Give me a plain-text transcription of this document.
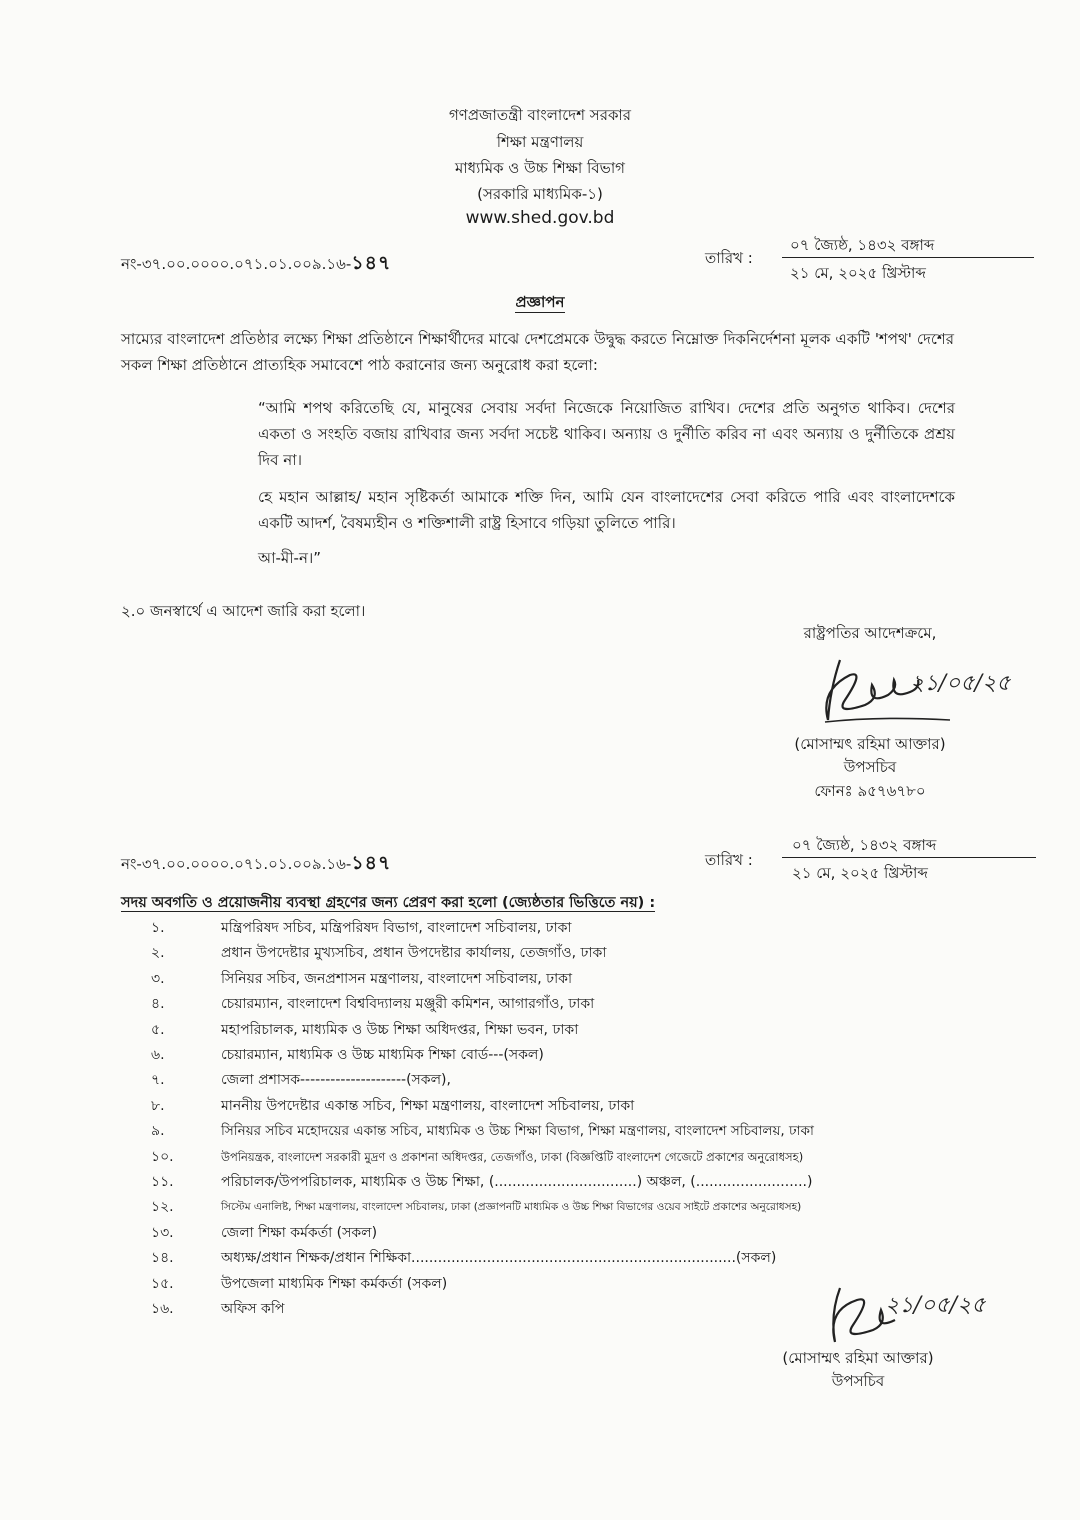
গণপ্রজাতন্ত্রী বাংলাদেশ সরকার
শিক্ষা মন্ত্রণালয়
মাধ্যমিক ও উচ্চ শিক্ষা বিভাগ
(সরকারি মাধ্যমিক-১)
www.shed.gov.bd
নং-৩৭.০০.০০০০.০৭১.০১.০০৯.১৬-১৪৭	তারিখ :
০৭ জ্যৈষ্ঠ, ১৪৩২ বঙ্গাব্দ
২১ মে, ২০২৫ খ্রিস্টাব্দ
প্রজ্ঞাপন
সাম্যের বাংলাদেশ প্রতিষ্ঠার লক্ষ্যে শিক্ষা প্রতিষ্ঠানে শিক্ষার্থীদের মাঝে দেশপ্রেমকে উদ্বুদ্ধ করতে নিম্নোক্ত দিকনির্দেশনা মূলক একটি 'শপথ' দেশের সকল শিক্ষা প্রতিষ্ঠানে প্রাত্যহিক সমাবেশে পাঠ করানোর জন্য অনুরোধ করা হলো:
“আমি শপথ করিতেছি যে, মানুষের সেবায় সর্বদা নিজেকে নিয়োজিত রাখিব। দেশের প্রতি অনুগত থাকিব। দেশের একতা ও সংহতি বজায় রাখিবার জন্য সর্বদা সচেষ্ট থাকিব। অন্যায় ও দুর্নীতি করিব না এবং অন্যায় ও দুর্নীতিকে প্রশ্রয় দিব না।
হে মহান আল্লাহ/ মহান সৃষ্টিকর্তা আমাকে শক্তি দিন, আমি যেন বাংলাদেশের সেবা করিতে পারি এবং বাংলাদেশকে একটি আদর্শ, বৈষম্যহীন ও শক্তিশালী রাষ্ট্র হিসাবে গড়িয়া তুলিতে পারি।
আ-মী-ন।”
২.০ জনস্বার্থে এ আদেশ জারি করা হলো।
রাষ্ট্রপতির আদেশক্রমে,
২১/০৫/২৫
(মোসাম্মৎ রহিমা আক্তার)
উপসচিব
ফোনঃ ৯৫৭৬৭৮০
নং-৩৭.০০.০০০০.০৭১.০১.০০৯.১৬-১৪৭	তারিখ :
০৭ জ্যৈষ্ঠ, ১৪৩২ বঙ্গাব্দ
২১ মে, ২০২৫ খ্রিস্টাব্দ
সদয় অবগতি ও প্রয়োজনীয় ব্যবস্থা গ্রহণের জন্য প্রেরণ করা হলো (জ্যেষ্ঠতার ভিত্তিতে নয়) :
১.	মন্ত্রিপরিষদ সচিব, মন্ত্রিপরিষদ বিভাগ, বাংলাদেশ সচিবালয়, ঢাকা
২.	প্রধান উপদেষ্টার মুখ্যসচিব, প্রধান উপদেষ্টার কার্যালয়, তেজগাঁও, ঢাকা
৩.	সিনিয়র সচিব, জনপ্রশাসন মন্ত্রণালয়, বাংলাদেশ সচিবালয়, ঢাকা
৪.	চেয়ারম্যান, বাংলাদেশ বিশ্ববিদ্যালয় মঞ্জুরী কমিশন, আগারগাঁও, ঢাকা
৫.	মহাপরিচালক, মাধ্যমিক ও উচ্চ শিক্ষা অধিদপ্তর, শিক্ষা ভবন, ঢাকা
৬.	চেয়ারম্যান, মাধ্যমিক ও উচ্চ মাধ্যমিক শিক্ষা বোর্ড---(সকল)
৭.	জেলা প্রশাসক---------------------(সকল),
৮.	মাননীয় উপদেষ্টার একান্ত সচিব, শিক্ষা মন্ত্রণালয়, বাংলাদেশ সচিবালয়, ঢাকা
৯.	সিনিয়র সচিব মহোদয়ের একান্ত সচিব, মাধ্যমিক ও উচ্চ শিক্ষা বিভাগ, শিক্ষা মন্ত্রণালয়, বাংলাদেশ সচিবালয়, ঢাকা
১০.	উপনিয়ন্ত্রক, বাংলাদেশ সরকারী মুদ্রণ ও প্রকাশনা অধিদপ্তর, তেজগাঁও, ঢাকা (বিজ্ঞপ্তিটি বাংলাদেশ গেজেটে প্রকাশের অনুরোধসহ)
১১.	পরিচালক/উপপরিচালক, মাধ্যমিক ও উচ্চ শিক্ষা, (................................) অঞ্চল, (.........................)
১২.	সিস্টেম এনালিষ্ট, শিক্ষা মন্ত্রণালয়, বাংলাদেশ সচিবালয়, ঢাকা (প্রজ্ঞাপনটি মাধ্যমিক ও উচ্চ শিক্ষা বিভাগের ওয়েব সাইটে প্রকাশের অনুরোধসহ)
১৩.	জেলা শিক্ষা কর্মকর্তা (সকল)
১৪.	অধ্যক্ষ/প্রধান শিক্ষক/প্রধান শিক্ষিকা.........................................................................(সকল)
১৫.	উপজেলা মাধ্যমিক শিক্ষা কর্মকর্তা (সকল)
১৬.	অফিস কপি	২১/০৫/২৫
(মোসাম্মৎ রহিমা আক্তার)
উপসচিব
